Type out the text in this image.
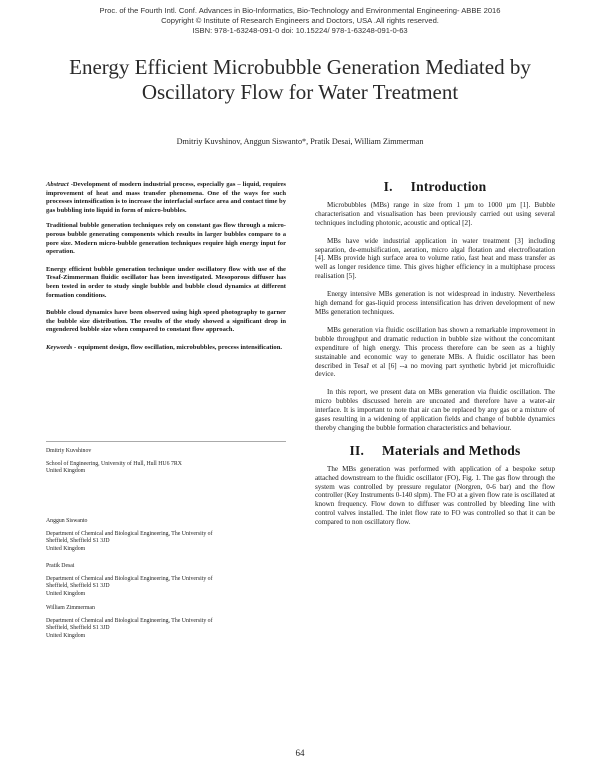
Proc. of the Fourth Intl. Conf. Advances in Bio-Informatics, Bio-Technology and Environmental Engineering- ABBE 2016
Copyright © Institute of Research Engineers and Doctors, USA .All rights reserved.
ISBN: 978-1-63248-091-0 doi: 10.15224/ 978-1-63248-091-0-63
Energy Efficient Microbubble Generation Mediated by Oscillatory Flow for Water Treatment
Dmitriy Kuvshinov, Anggun Siswanto*, Pratik Desai, William Zimmerman

Abstract -Development of modern industrial process, especially gas – liquid, requires improvement of heat and mass transfer phenomena. One of the ways for such processes intensification is to increase the interfacial surface area and contact time by gas bubbling into liquid in form of micro-bubbles.

Traditional bubble generation techniques rely on constant gas flow through a micro-porous bubble generating components which results in larger bubbles compare to a pore size. Modern micro-bubble generation techniques require high energy input for operation.

Energy efficient bubble generation technique under oscillatory flow with use of the Tesaf-Zimmerman fluidic oscillator has been investigated. Mesoporous diffuser has been tested in order to study single bubble and bubble cloud dynamics at different formation conditions.

Bubble cloud dynamics have been observed using high speed photography to garner the bubble size distribution. The results of the study showed a significant drop in engendered bubble size when compared to constant flow approach.

Keywords - equipment design, flow oscillation, microbubbles, process intensification.

Dmitriy Kuvshinov
School of Engineering, University of Hull, Hull HU6 7RX
United Kingdom
Anggun Siswanto
Department of Chemical and Biological Engineering, The University of
Sheffield, Sheffield S1 3JD
United Kingdom
Pratik Desai
Department of Chemical and Biological Engineering, The University of
Sheffield, Sheffield S1 3JD
United Kingdom
William Zimmerman
Department of Chemical and Biological Engineering, The University of
Sheffield, Sheffield S1 3JD
United Kingdom
I. Introduction

Microbubbles (MBs) range in size from 1 µm to 1000 µm [1]. Bubble characterisation and visualisation has been previously carried out using several techniques including photonic, acoustic and optical [2].

MBs have wide industrial application in water treatment [3] including separation, de-emulsification, aeration, micro algal flotation and electrofloatation [4]. MBs provide high surface area to volume ratio, fast heat and mass transfer as well as longer residence time. This gives higher efficiency in a multiphase process realisation [5].

Energy intensive MBs generation is not widespread in industry. Nevertheless high demand for gas-liquid process intensification has driven development of new MBs generation techniques.

MBs generation via fluidic oscillation has shown a remarkable improvement in bubble throughput and dramatic reduction in bubble size without the concomitant expenditure of high energy. This process therefore can be seen as a highly sustainable and economic way to generate MBs. A fluidic oscillator has been described in Tesař et al [6] --a no moving part synthetic hybrid jet microfluidic device.

In this report, we present data on MBs generation via fluidic oscillation. The micro bubbles discussed herein are uncoated and therefore have a water-air interface. It is important to note that air can be replaced by any gas or a mixture of gases resulting in a widening of application fields and change of bubble dynamics thereby changing the bubble formation characteristics and behaviour.

II. Materials and Methods

The MBs generation was performed with application of a bespoke setup attached downstream to the fluidic oscillator (FO), Fig. 1. The gas flow through the system was controlled by pressure regulator (Norgren, 0-6 bar) and the flow controller (Key Instruments 0-140 slpm). The FO at a given flow rate is oscillated at known frequency. Flow down to diffuser was controlled by bleeding line with control valves installed. The inlet flow rate to FO was controlled so that it can be compared to non oscillatory flow.

64
